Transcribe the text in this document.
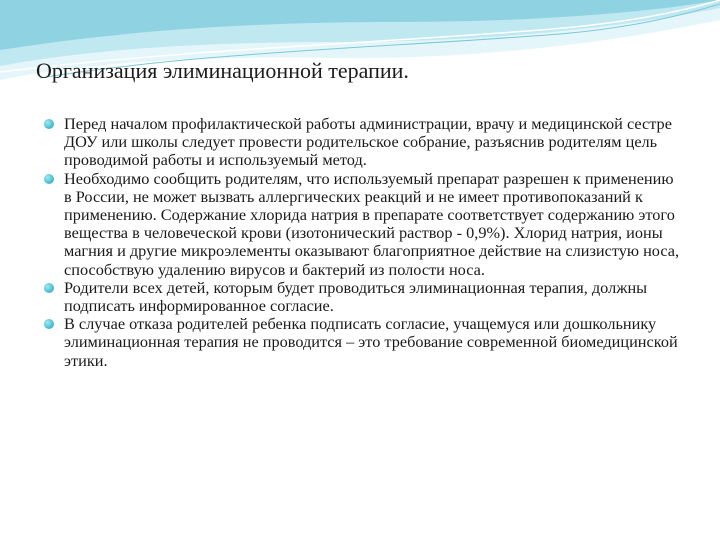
Организация элиминационной терапии.
Перед началом профилактической работы администрации, врачу и медицинской сестре ДОУ или школы следует провести родительское собрание, разъяснив родителям цель проводимой работы и используемый метод.
Необходимо сообщить родителям, что используемый препарат разрешен к применению в России, не может вызвать аллергических реакций и не имеет противопоказаний к применению. Содержание хлорида натрия в препарате соответствует содержанию этого вещества в человеческой крови (изотонический раствор - 0,9%). Хлорид натрия, ионы магния и другие микроэлементы оказывают благоприятное действие на слизистую носа, способствую удалению вирусов и бактерий из полости носа.
Родители всех детей, которым будет проводиться элиминационная терапия, должны подписать информированное согласие.
В случае отказа родителей ребенка подписать согласие, учащемуся или дошкольнику элиминационная терапия не проводится – это требование современной биомедицинской этики.
